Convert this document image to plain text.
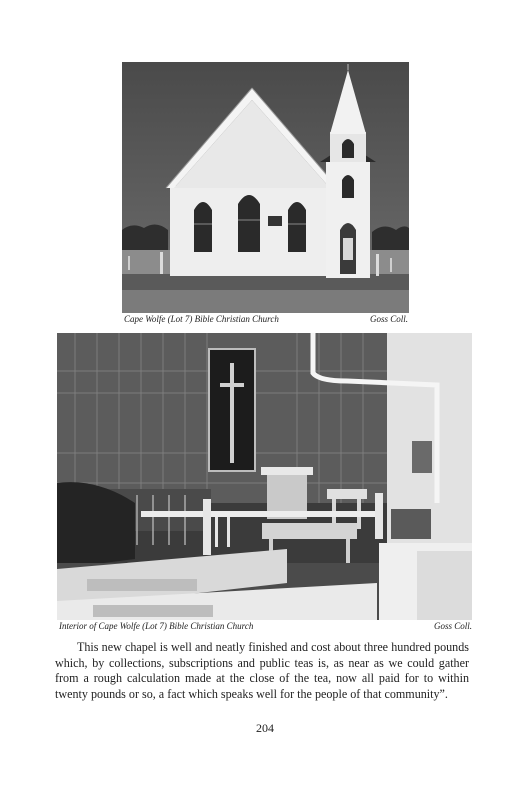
Cape Wolfe (Lot 7) Bible Christian Church	Goss Coll.
Interior of Cape Wolfe (Lot 7) Bible Christian Church	Goss Coll.
This new chapel is well and neatly finished and cost about three hundred pounds which, by collections, subscriptions and public teas is, as near as we could gather from a rough calculation made at the close of the tea, now all paid for to within twenty pounds or so, a fact which speaks well for the people of that community”.
204
